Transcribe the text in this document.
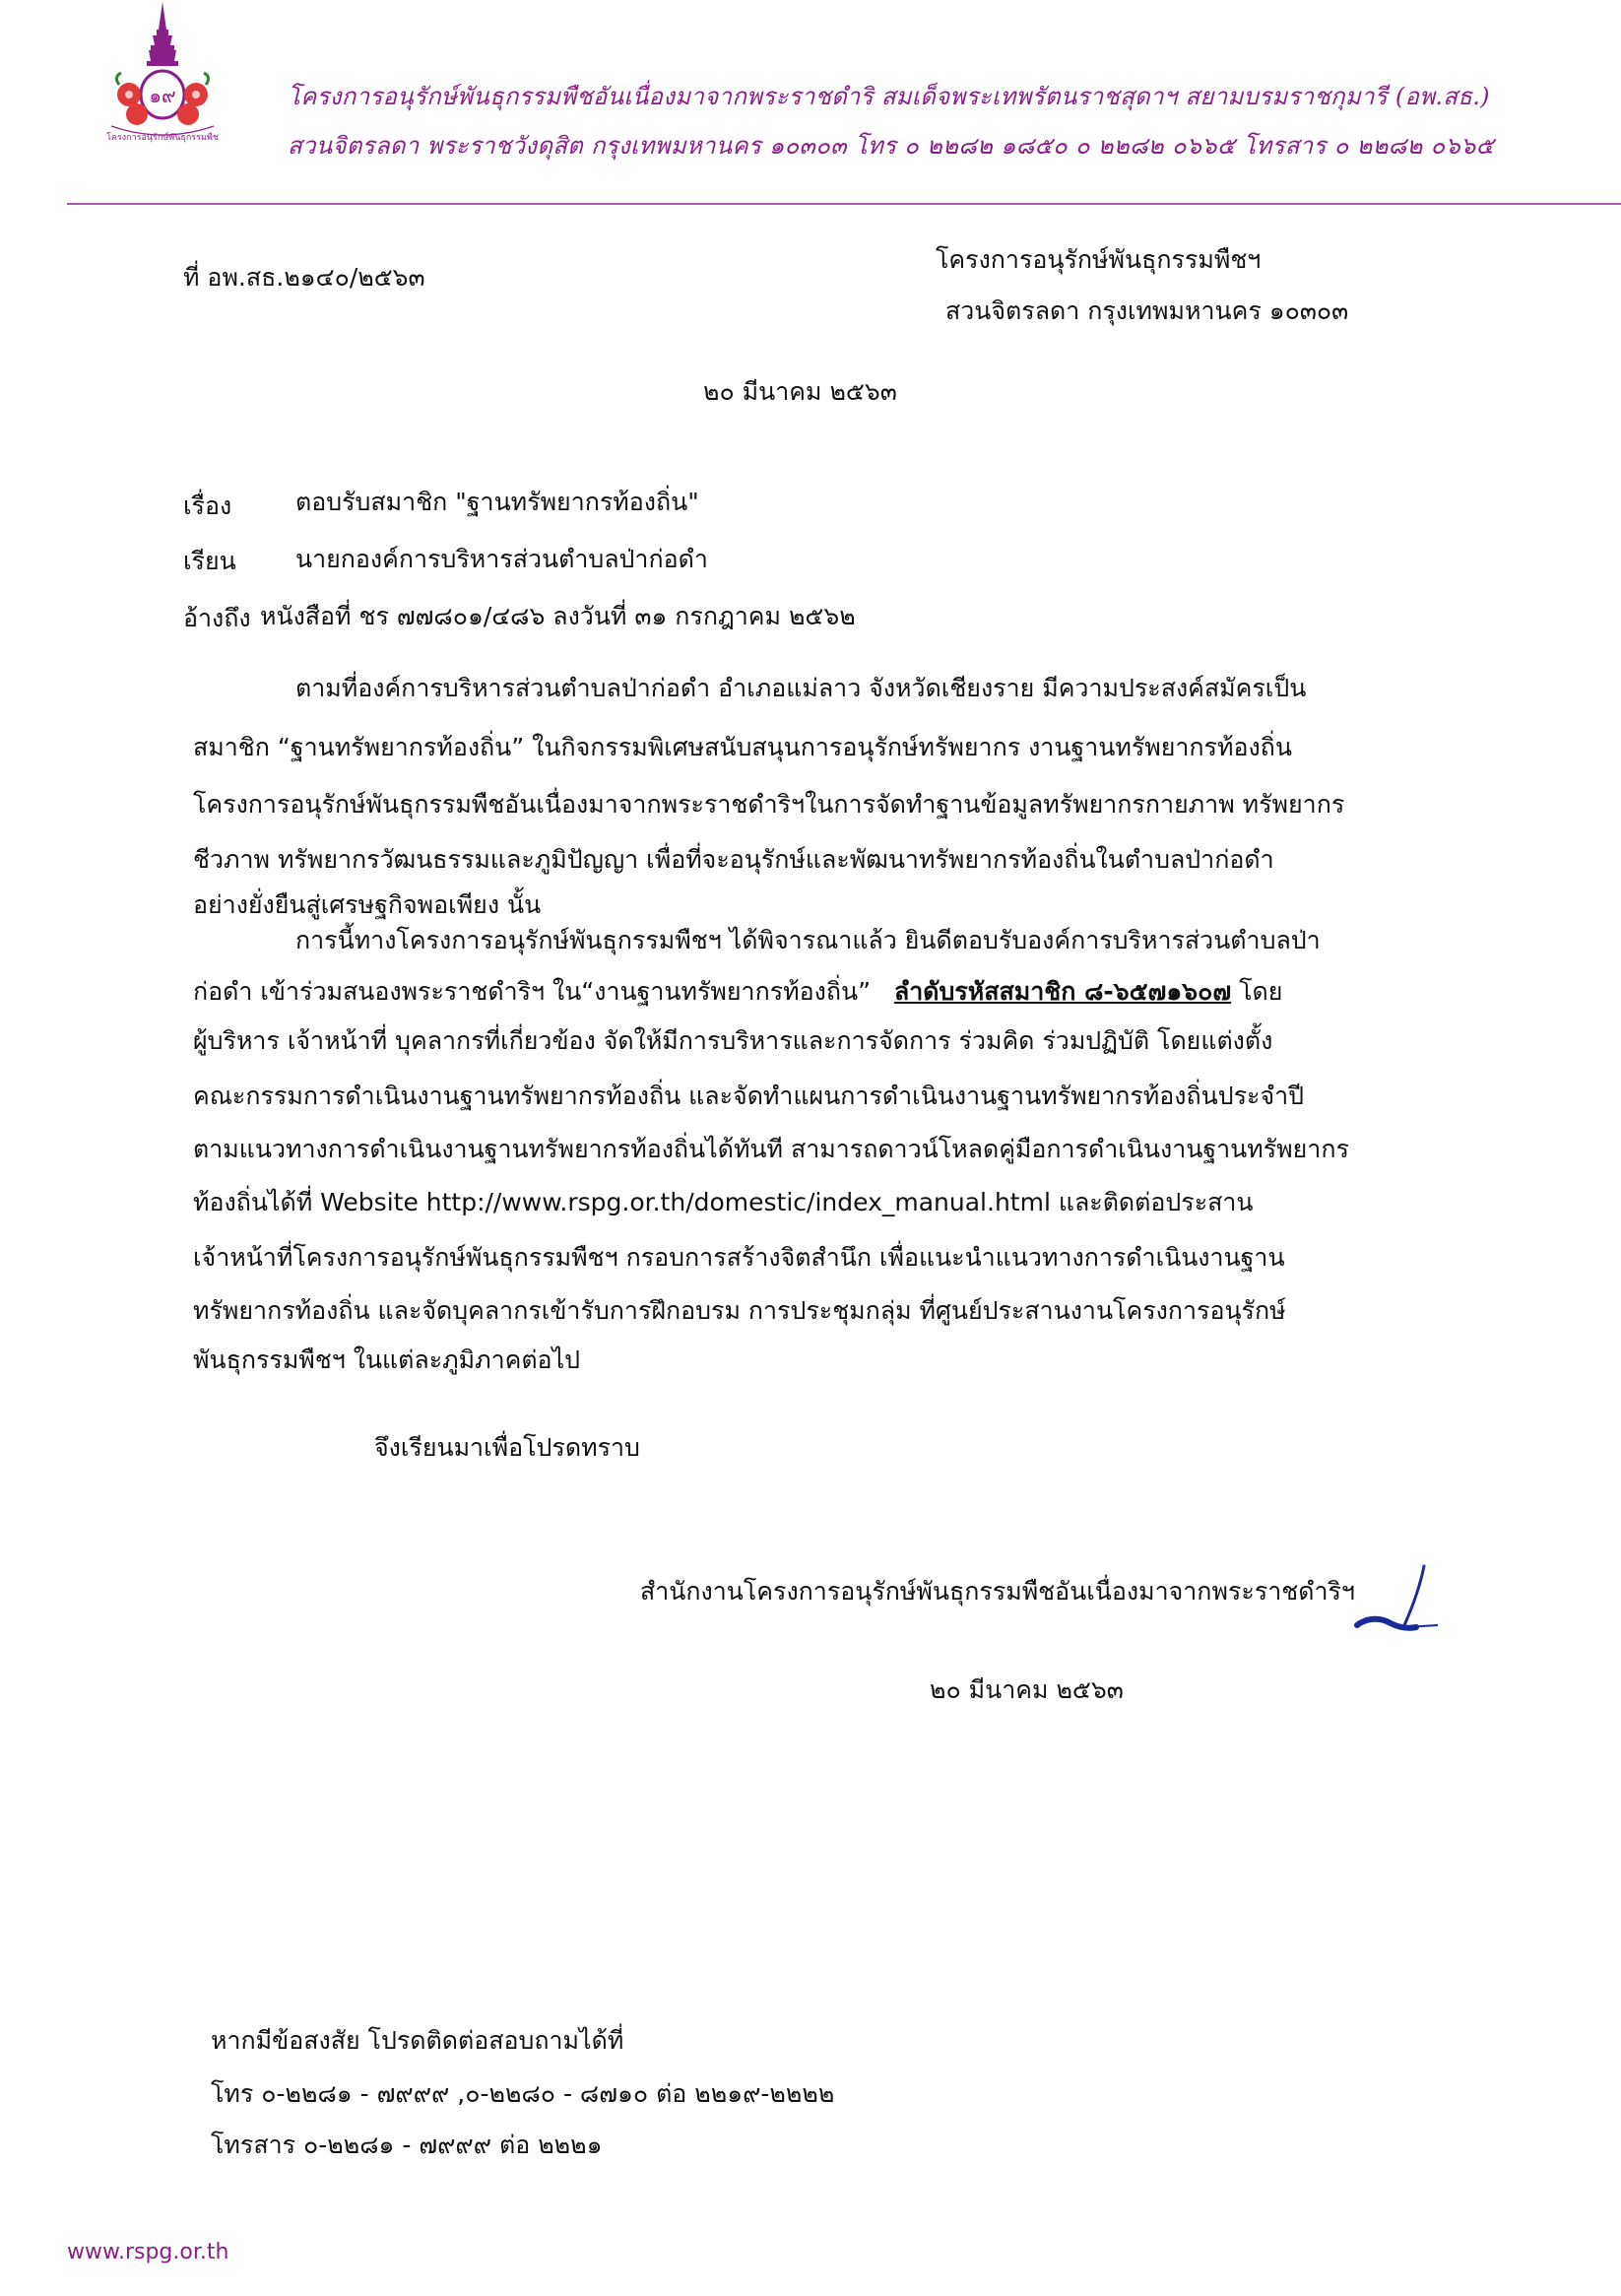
๑๙
โครงการอนุรักษ์พันธุกรรมพืช
โครงการอนุรักษ์พันธุกรรมพืชอันเนื่องมาจากพระราชดำริ สมเด็จพระเทพรัตนราชสุดาฯ สยามบรมราชกุมารี (อพ.สธ.)
สวนจิตรลดา พระราชวังดุสิต กรุงเทพมหานคร ๑๐๓๐๓ โทร ๐ ๒๒๘๒ ๑๘๕๐ ๐ ๒๒๘๒ ๐๖๖๕ โทรสาร ๐ ๒๒๘๒ ๐๖๖๕
ที่ อพ.สธ.๒๑๔๐/๒๕๖๓
โครงการอนุรักษ์พันธุกรรมพืชฯ
สวนจิตรลดา กรุงเทพมหานคร ๑๐๓๐๓
๒๐ มีนาคม ๒๕๖๓
เรื่อง	ตอบรับสมาชิก "ฐานทรัพยากรท้องถิ่น"
เรียน นายกองค์การบริหารส่วนตำบลป่าก่อดำ
อ้างถึง หนังสือที่ ชร ๗๗๘๐๑/๔๘๖ ลงวันที่ ๓๑ กรกฎาคม ๒๕๖๒
ตามที่องค์การบริหารส่วนตำบลป่าก่อดำ อำเภอแม่ลาว จังหวัดเชียงราย มีความประสงค์สมัครเป็น
สมาชิก “ฐานทรัพยากรท้องถิ่น” ในกิจกรรมพิเศษสนับสนุนการอนุรักษ์ทรัพยากร งานฐานทรัพยากรท้องถิ่น
โครงการอนุรักษ์พันธุกรรมพืชอันเนื่องมาจากพระราชดำริฯในการจัดทำฐานข้อมูลทรัพยากรกายภาพ ทรัพยากร
ชีวภาพ ทรัพยากรวัฒนธรรมและภูมิปัญญา เพื่อที่จะอนุรักษ์และพัฒนาทรัพยากรท้องถิ่นในตำบลป่าก่อดำ
อย่างยั่งยืนสู่เศรษฐกิจพอเพียง นั้น
การนี้ทางโครงการอนุรักษ์พันธุกรรมพืชฯ ได้พิจารณาแล้ว ยินดีตอบรับองค์การบริหารส่วนตำบลป่า
ก่อดำ เข้าร่วมสนองพระราชดำริฯ ใน“งานฐานทรัพยากรท้องถิ่น” ลำดับรหัสสมาชิก ๘-๖๕๗๑๖๐๗ โดย
ผู้บริหาร เจ้าหน้าที่ บุคลากรที่เกี่ยวข้อง จัดให้มีการบริหารและการจัดการ ร่วมคิด ร่วมปฏิบัติ โดยแต่งตั้ง
คณะกรรมการดำเนินงานฐานทรัพยากรท้องถิ่น และจัดทำแผนการดำเนินงานฐานทรัพยากรท้องถิ่นประจำปี
ตามแนวทางการดำเนินงานฐานทรัพยากรท้องถิ่นได้ทันที สามารถดาวน์โหลดคู่มือการดำเนินงานฐานทรัพยากร
ท้องถิ่นได้ที่ Website http://www.rspg.or.th/domestic/index_manual.html และติดต่อประสาน
เจ้าหน้าที่โครงการอนุรักษ์พันธุกรรมพืชฯ กรอบการสร้างจิตสำนึก เพื่อแนะนำแนวทางการดำเนินงานฐาน
ทรัพยากรท้องถิ่น และจัดบุคลากรเข้ารับการฝึกอบรม การประชุมกลุ่ม ที่ศูนย์ประสานงานโครงการอนุรักษ์
พันธุกรรมพืชฯ ในแต่ละภูมิภาคต่อไป
จึงเรียนมาเพื่อโปรดทราบ
สำนักงานโครงการอนุรักษ์พันธุกรรมพืชอันเนื่องมาจากพระราชดำริฯ
๒๐ มีนาคม ๒๕๖๓
หากมีข้อสงสัย โปรดติดต่อสอบถามได้ที่
โทร ๐-๒๒๘๑ - ๗๙๙๙ ,๐-๒๒๘๐ - ๘๗๑๐ ต่อ ๒๒๑๙-๒๒๒๒
โทรสาร ๐-๒๒๘๑ - ๗๙๙๙ ต่อ ๒๒๒๑
www.rspg.or.th
